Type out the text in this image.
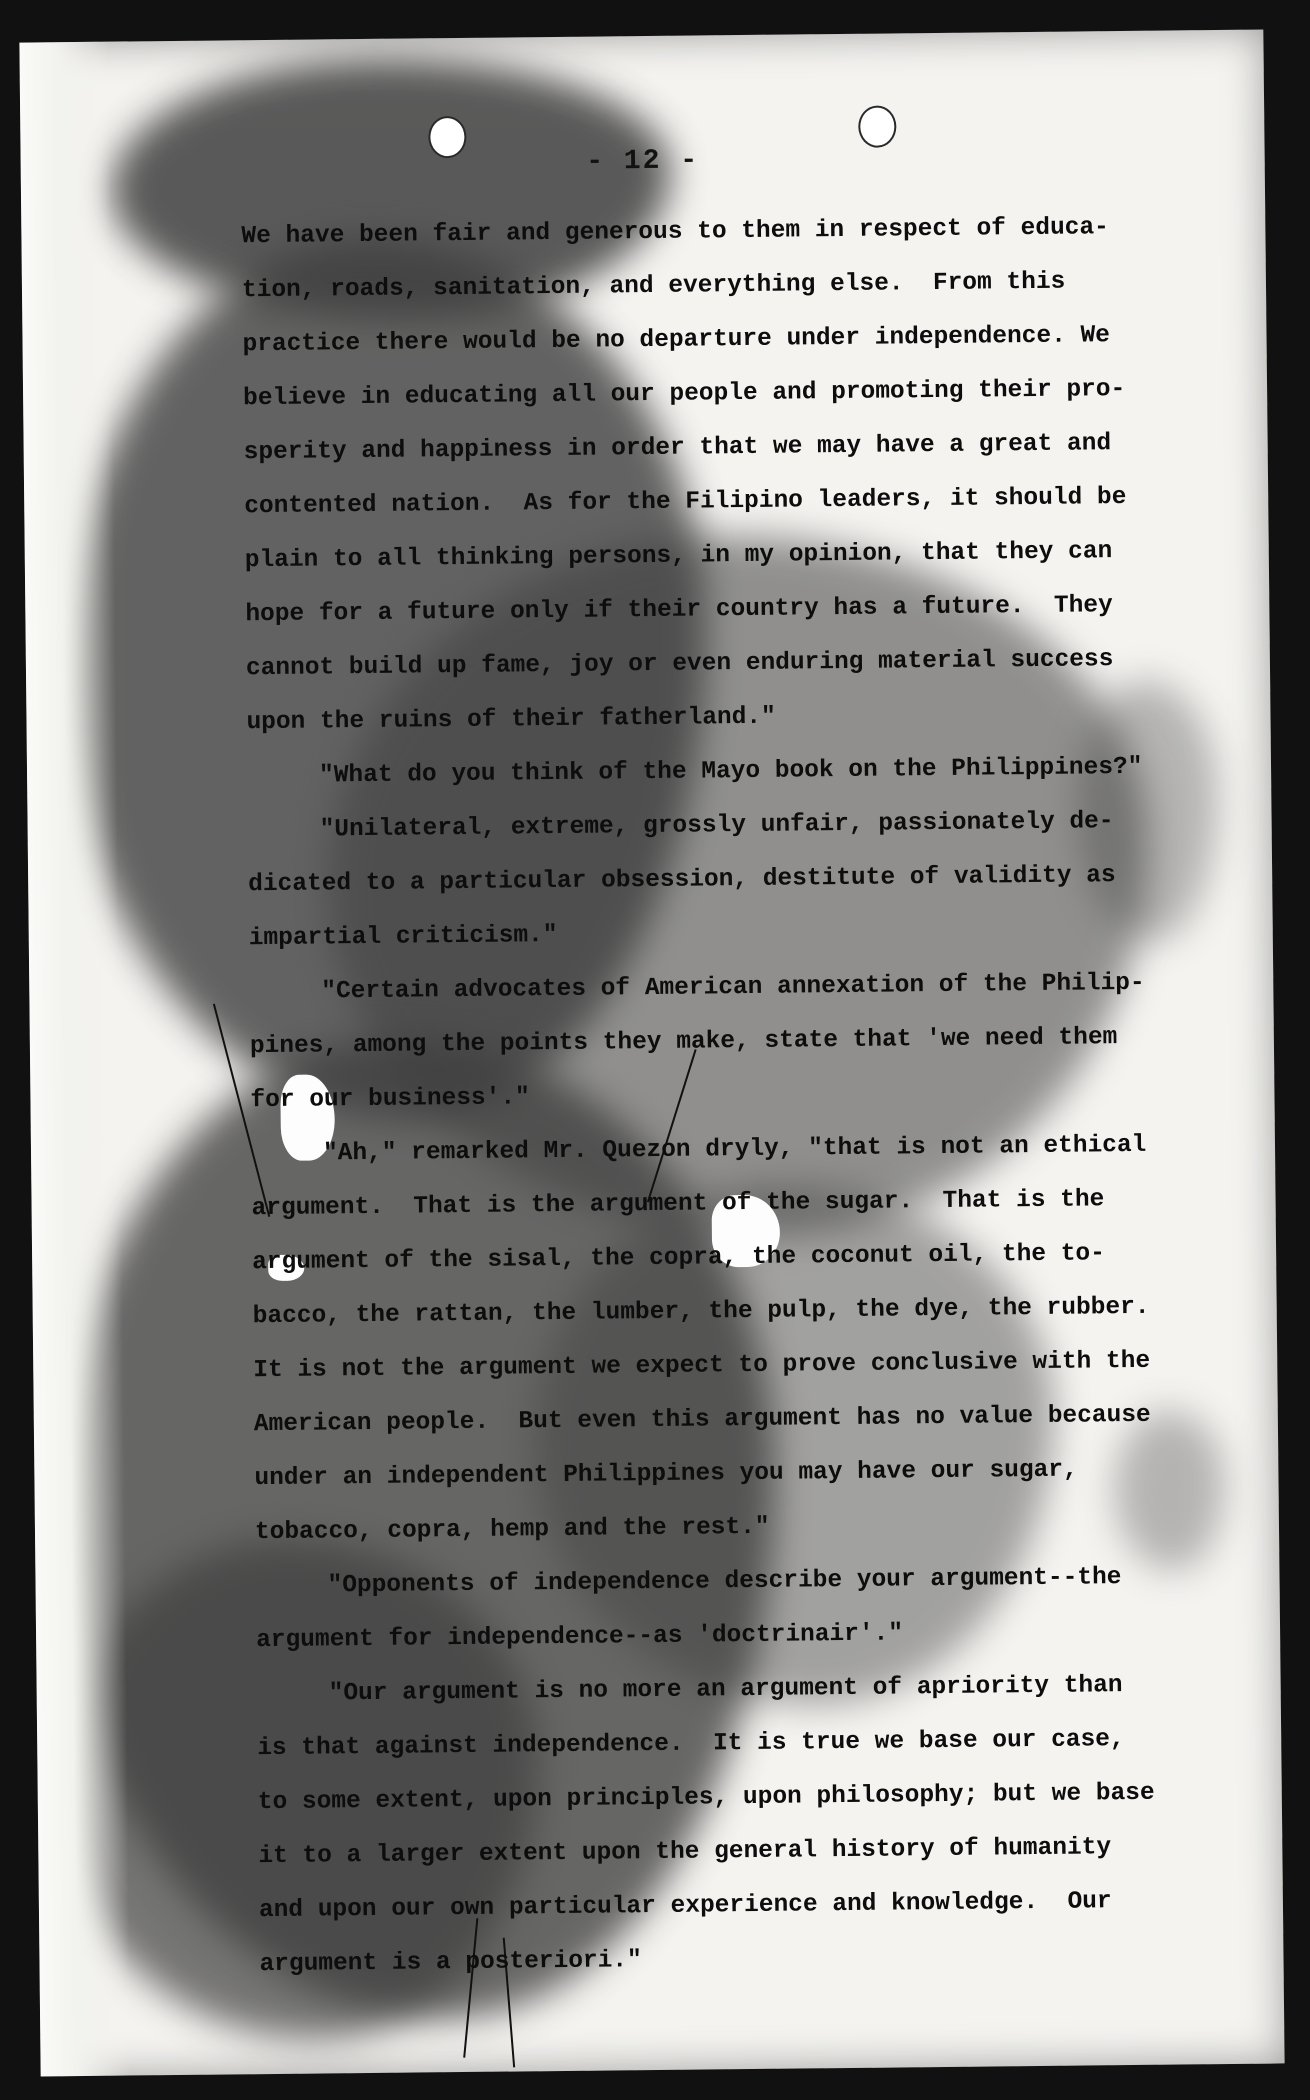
- 12 -

We have been fair and generous to them in respect of educa-

tion, roads, sanitation, and everything else.  From this

practice there would be no departure under independence. We

believe in educating all our people and promoting their pro-

sperity and happiness in order that we may have a great and

contented nation.  As for the Filipino leaders, it should be

plain to all thinking persons, in my opinion, that they can

hope for a future only if their country has a future.  They

cannot build up fame, joy or even enduring material success

upon the ruins of their fatherland."

"What do you think of the Mayo book on the Philippines?"

"Unilateral, extreme, grossly unfair, passionately de-

dicated to a particular obsession, destitute of validity as

impartial criticism."

"Certain advocates of American annexation of the Philip-

pines, among the points they make, state that 'we need them

for our business'."

"Ah," remarked Mr. Quezon dryly, "that is not an ethical

argument.  That is the argument of the sugar.  That is the

argument of the sisal, the copra, the coconut oil, the to-

bacco, the rattan, the lumber, the pulp, the dye, the rubber.

It is not the argument we expect to prove conclusive with the

American people.  But even this argument has no value because

under an independent Philippines you may have our sugar,

tobacco, copra, hemp and the rest."

"Opponents of independence describe your argument--the

argument for independence--as 'doctrinair'."

"Our argument is no more an argument of apriority than

is that against independence.  It is true we base our case,

to some extent, upon principles, upon philosophy; but we base

it to a larger extent upon the general history of humanity

and upon our own particular experience and knowledge.  Our

argument is a posteriori."
